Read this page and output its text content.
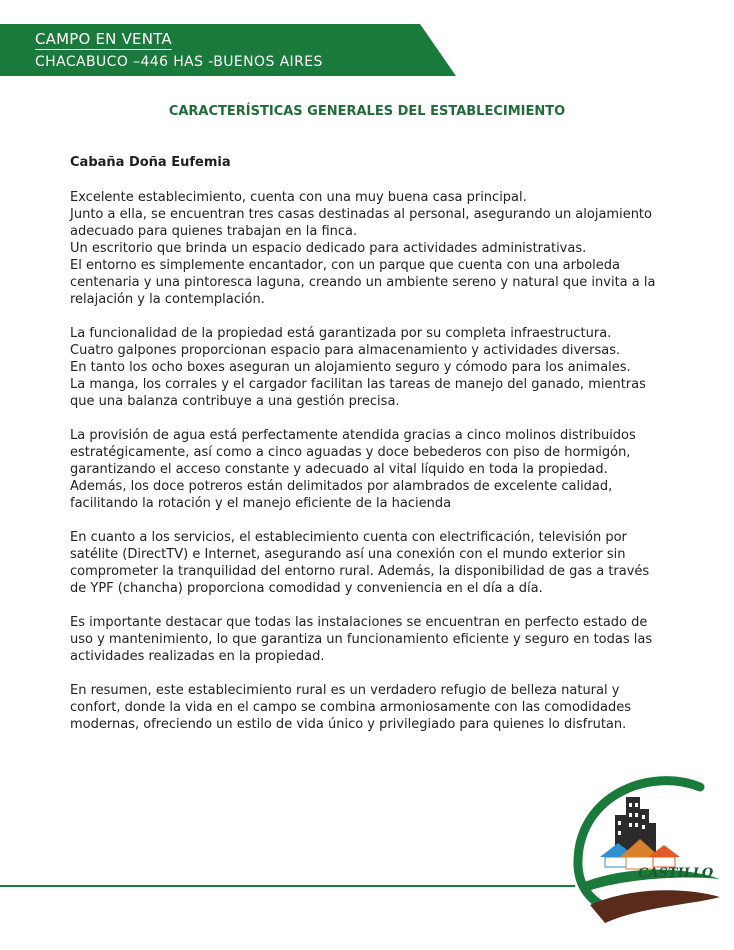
CAMPO EN VENTA
CHACABUCO –446 HAS -BUENOS AIRES
CARACTERÍSTICAS GENERALES DEL ESTABLECIMIENTO
Cabaña Doña Eufemia

Excelente establecimiento, cuenta con una muy buena casa principal.
Junto a ella, se encuentran tres casas destinadas al personal, asegurando un alojamiento
adecuado para quienes trabajan en la finca.
Un escritorio que brinda un espacio dedicado para actividades administrativas.
El entorno es simplemente encantador, con un parque que cuenta con una arboleda
centenaria y una pintoresca laguna, creando un ambiente sereno y natural que invita a la
relajación y la contemplación.

La funcionalidad de la propiedad está garantizada por su completa infraestructura.
Cuatro galpones proporcionan espacio para almacenamiento y actividades diversas.
En tanto los ocho boxes aseguran un alojamiento seguro y cómodo para los animales.
La manga, los corrales y el cargador facilitan las tareas de manejo del ganado, mientras
que una balanza contribuye a una gestión precisa.

La provisión de agua está perfectamente atendida gracias a cinco molinos distribuidos
estratégicamente, así como a cinco aguadas y doce bebederos con piso de hormigón,
garantizando el acceso constante y adecuado al vital líquido en toda la propiedad.
Además, los doce potreros están delimitados por alambrados de excelente calidad,
facilitando la rotación y el manejo eficiente de la hacienda

En cuanto a los servicios, el establecimiento cuenta con electrificación, televisión por
satélite (DirectTV) e Internet, asegurando así una conexión con el mundo exterior sin
comprometer la tranquilidad del entorno rural. Además, la disponibilidad de gas a través
de YPF (chancha) proporciona comodidad y conveniencia en el día a día.

Es importante destacar que todas las instalaciones se encuentran en perfecto estado de
uso y mantenimiento, lo que garantiza un funcionamiento eficiente y seguro en todas las
actividades realizadas en la propiedad.

En resumen, este establecimiento rural es un verdadero refugio de belleza natural y
confort, donde la vida en el campo se combina armoniosamente con las comodidades
modernas, ofreciendo un estilo de vida único y privilegiado para quienes lo disfrutan.

CASTILLO
